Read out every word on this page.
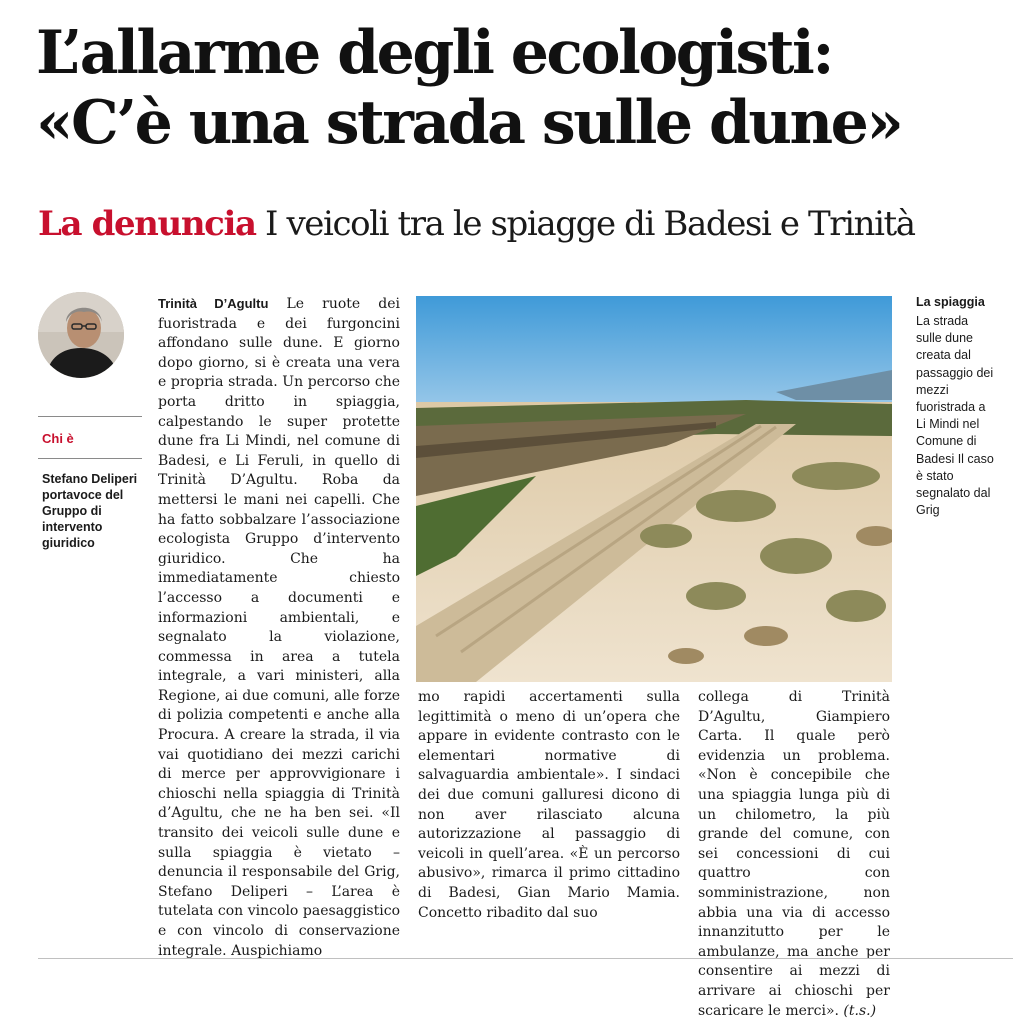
L’allarme degli ecologisti:
«C’è una strada sulle dune»
La denuncia I veicoli tra le spiagge di Badesi e Trinità
Chi è
Stefano Deliperi portavoce del Gruppo di intervento giuridico

Trinità D’Agultu Le ruote dei fuoristrada e dei furgoncini affondano sulle dune. E giorno dopo giorno, si è creata una vera e propria strada. Un percorso che porta dritto in spiaggia, calpestando le super protette dune fra Li Mindi, nel comune di Badesi, e Li Feruli, in quello di Trinità D’Agultu. Roba da mettersi le mani nei capelli. Che ha fatto sobbalzare l’associazione ecologista Gruppo d’intervento giuridico. Che ha immediatamente chiesto l’accesso a documenti e informazioni ambientali, e segnalato la violazione, commessa in area a tutela integrale, a vari ministeri, alla Regione, ai due comuni, alle forze di polizia competenti e anche alla Procura. A creare la strada, il via vai quotidiano dei mezzi carichi di merce per approvvigionare i chioschi nella spiaggia di Trinità d’Agultu, che ne ha ben sei. «Il transito dei veicoli sulle dune e sulla spiaggia è vietato – denuncia il responsabile del Grig, Stefano Deliperi – L’area è tutelata con vincolo paesaggistico e con vincolo di conservazione integrale. Auspichiamo

La spiaggia
La strada sulle dune creata dal passaggio dei mezzi fuoristrada a Li Mindi nel Comune di Badesi Il caso è stato segnalato dal Grig

mo rapidi accertamenti sulla legittimità o meno di un’opera che appare in evidente contrasto con le elementari normative di salvaguardia ambientale». I sindaci dei due comuni galluresi dicono di non aver rilasciato alcuna autorizzazione al passaggio di veicoli in quell’area. «È un percorso abusivo», rimarca il primo cittadino di Badesi, Gian Mario Mamia. Concetto ribadito dal suo

collega di Trinità D’Agultu, Giampiero Carta. Il quale però evidenzia un problema. «Non è concepibile che una spiaggia lunga più di un chilometro, la più grande del comune, con sei concessioni di cui quattro con somministrazione, non abbia una via di accesso innanzitutto per le ambulanze, ma anche per consentire ai mezzi di arrivare ai chioschi per scaricare le merci». (t.s.)
